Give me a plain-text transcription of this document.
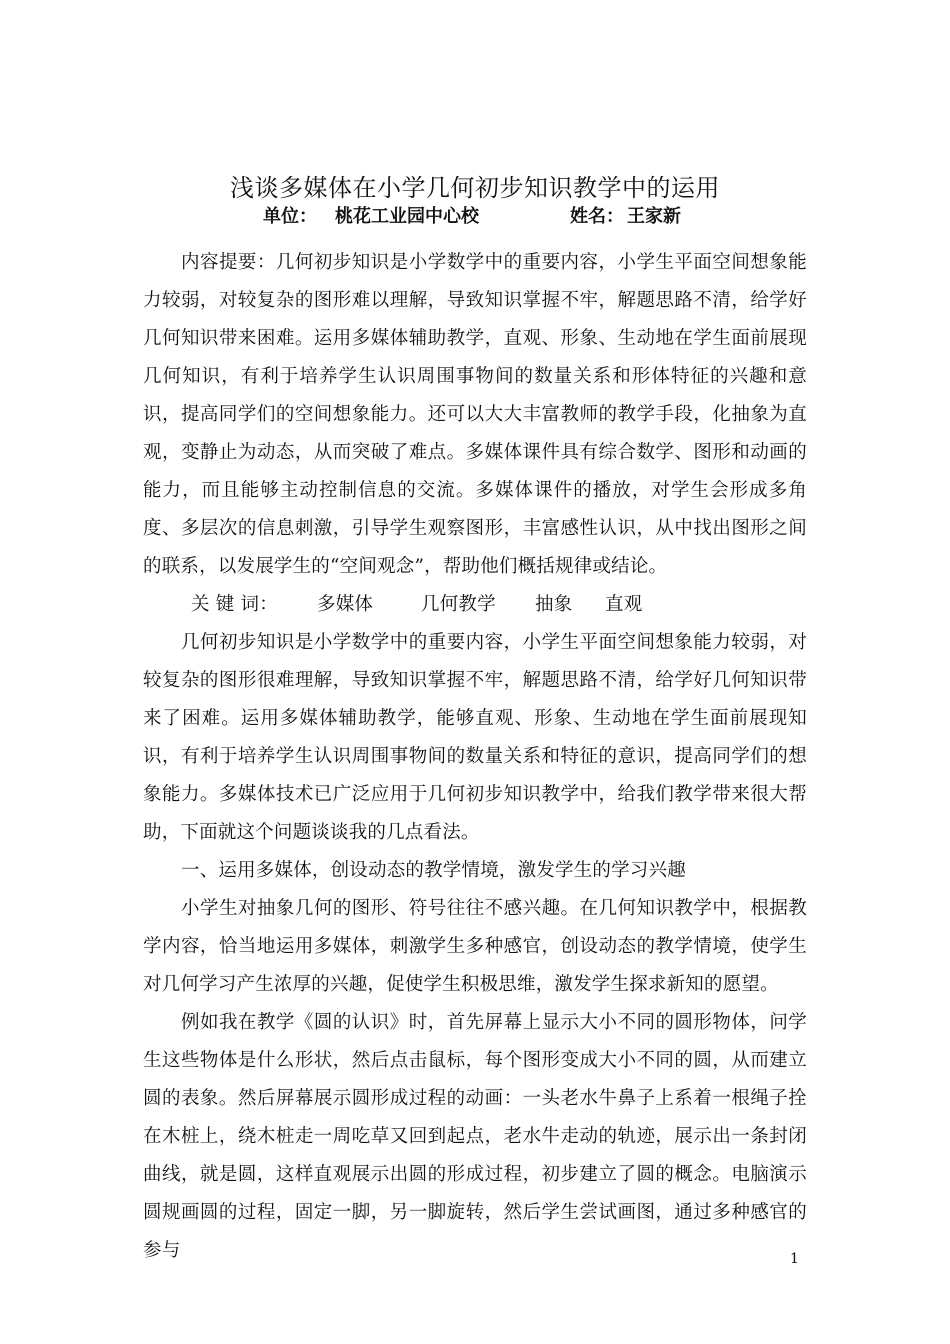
浅谈多媒体在小学几何初步知识教学中的运用
单位： 桃花工业园中心校	姓名： 王家新

内容提要：几何初步知识是小学数学中的重要内容，小学生平面空间想象能力较弱，对较复杂的图形难以理解，导致知识掌握不牢，解题思路不清，给学好几何知识带来困难。运用多媒体辅助教学，直观、形象、生动地在学生面前展现几何知识，有利于培养学生认识周围事物间的数量关系和形体特征的兴趣和意识，提高同学们的空间想象能力。还可以大大丰富教师的教学手段，化抽象为直观，变静止为动态，从而突破了难点。多媒体课件具有综合数学、图形和动画的能力，而且能够主动控制信息的交流。多媒体课件的播放，对学生会形成多角度、多层次的信息刺激，引导学生观察图形，丰富感性认识，从中找出图形之间的联系，以发展学生的“空间观念”，帮助他们概括规律或结论。

关 键 词： 多媒体	几何教学 抽象 直观

几何初步知识是小学数学中的重要内容，小学生平面空间想象能力较弱，对较复杂的图形很难理解，导致知识掌握不牢，解题思路不清，给学好几何知识带来了困难。运用多媒体辅助教学，能够直观、形象、生动地在学生面前展现知识，有利于培养学生认识周围事物间的数量关系和特征的意识，提高同学们的想象能力。多媒体技术已广泛应用于几何初步知识教学中，给我们教学带来很大帮助，下面就这个问题谈谈我的几点看法。

一、运用多媒体，创设动态的教学情境，激发学生的学习兴趣

小学生对抽象几何的图形、符号往往不感兴趣。在几何知识教学中，根据教学内容，恰当地运用多媒体，刺激学生多种感官，创设动态的教学情境，使学生对几何学习产生浓厚的兴趣，促使学生积极思维，激发学生探求新知的愿望。

例如我在教学《圆的认识》时，首先屏幕上显示大小不同的圆形物体，问学生这些物体是什么形状，然后点击鼠标，每个图形变成大小不同的圆，从而建立圆的表象。然后屏幕展示圆形成过程的动画：一头老水牛鼻子上系着一根绳子拴在木桩上，绕木桩走一周吃草又回到起点，老水牛走动的轨迹，展示出一条封闭曲线，就是圆，这样直观展示出圆的形成过程，初步建立了圆的概念。电脑演示圆规画圆的过程，固定一脚，另一脚旋转，然后学生尝试画图，通过多种感官的参与	1
